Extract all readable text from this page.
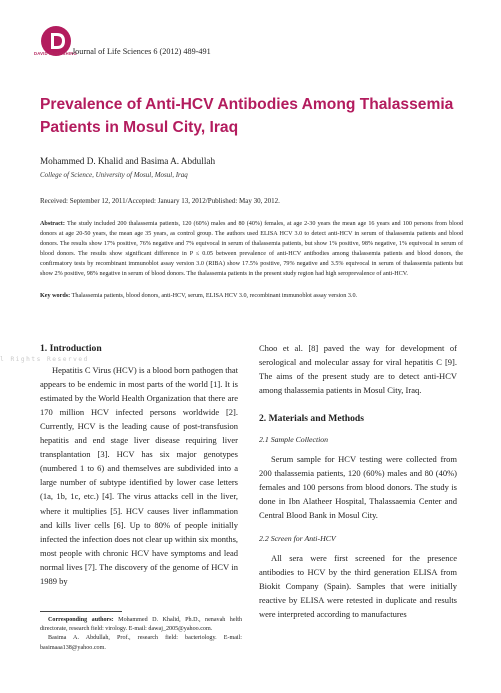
DAVID PUBLISHING
Journal of Life Sciences 6 (2012) 489-491
Prevalence of Anti-HCV Antibodies Among Thalassemia Patients in Mosul City, Iraq
Mohammed D. Khalid and Basima A. Abdullah
College of Science, University of Mosul, Mosul, Iraq
Received: September 12, 2011/Accepted: January 13, 2012/Published: May 30, 2012.
Abstract: The study included 200 thalassemia patients, 120 (60%) males and 80 (40%) females, at age 2-30 years the mean age 16 years and 100 persons from blood donors at age 20-50 years, the mean age 35 years, as control group. The authors used ELISA HCV 3.0 to detect anti-HCV in serum of thalassemia patients and blood donors. The results show 17% positive, 76% negative and 7% equivocal in serum of thalassemia patients, but show 1% positive, 98% negative, 1% equivocal in serum of blood donors. The results show significant difference in P ≤ 0.05 between prevalence of anti-HCV antibodies among thalassemia patients and blood donors, the confirmatory tests by recombinant immunoblot assay version 3.0 (RIBA) show 17.5% positive, 79% negative and 3.5% equivocal in serum of thalassemia patients but show 2% positive, 98% negative in serum of blood donors. The thalassemia patients in the present study region had high seroprevalence of anti-HCV.
Key words: Thalassemia patients, blood donors, anti-HCV, serum, ELISA HCV 3.0, recombinant immunoblot assay version 3.0.
l Rights Reserved
1. Introduction

Hepatitis C Virus (HCV) is a blood born pathogen that appears to be endemic in most parts of the world [1]. It is estimated by the World Health Organization that there are 170 million HCV infected persons worldwide [2]. Currently, HCV is the leading cause of post-transfusion hepatitis and end stage liver disease requiring liver transplantation [3]. HCV has six major genotypes (numbered 1 to 6) and themselves are subdivided into a large number of subtype identified by lower case letters (1a, 1b, 1c, etc.) [4]. The virus attacks cell in the liver, where it multiplies [5]. HCV causes liver inflammation and kills liver cells [6]. Up to 80% of people initially infected the infection does not clear up within six months, most people with chronic HCV have symptoms and lead normal lives [7]. The discovery of the genome of HCV in 1989 by

Choo et al. [8] paved the way for development of serological and molecular assay for viral hepatitis C [9]. The aims of the present study are to detect anti-HCV among thalassemia patients in Mosul City, Iraq.

2. Materials and Methods
2.1 Sample Collection

Serum sample for HCV testing were collected from 200 thalassemia patients, 120 (60%) males and 80 (40%) females and 100 persons from blood donors. The study is done in Ibn Alatheer Hospital, Thalassaemia Center and Central Blood Bank in Mosul City.

2.2 Screen for Anti-HCV

All sera were first screened for the presence antibodies to HCV by the third generation ELISA from Biokit Company (Spain). Samples that were initially reactive by ELISA were retested in duplicate and results were interpreted according to manufactures

Corresponding authors: Mohammed D. Khalid, Ph.D., nenavah helth directorate, research field: virology. E-mail: dawaj_2005@yahoo.com.
Basima A. Abdullah, Prof., research field: bacteriology. E-mail: basimaaa138@yahoo.com.
